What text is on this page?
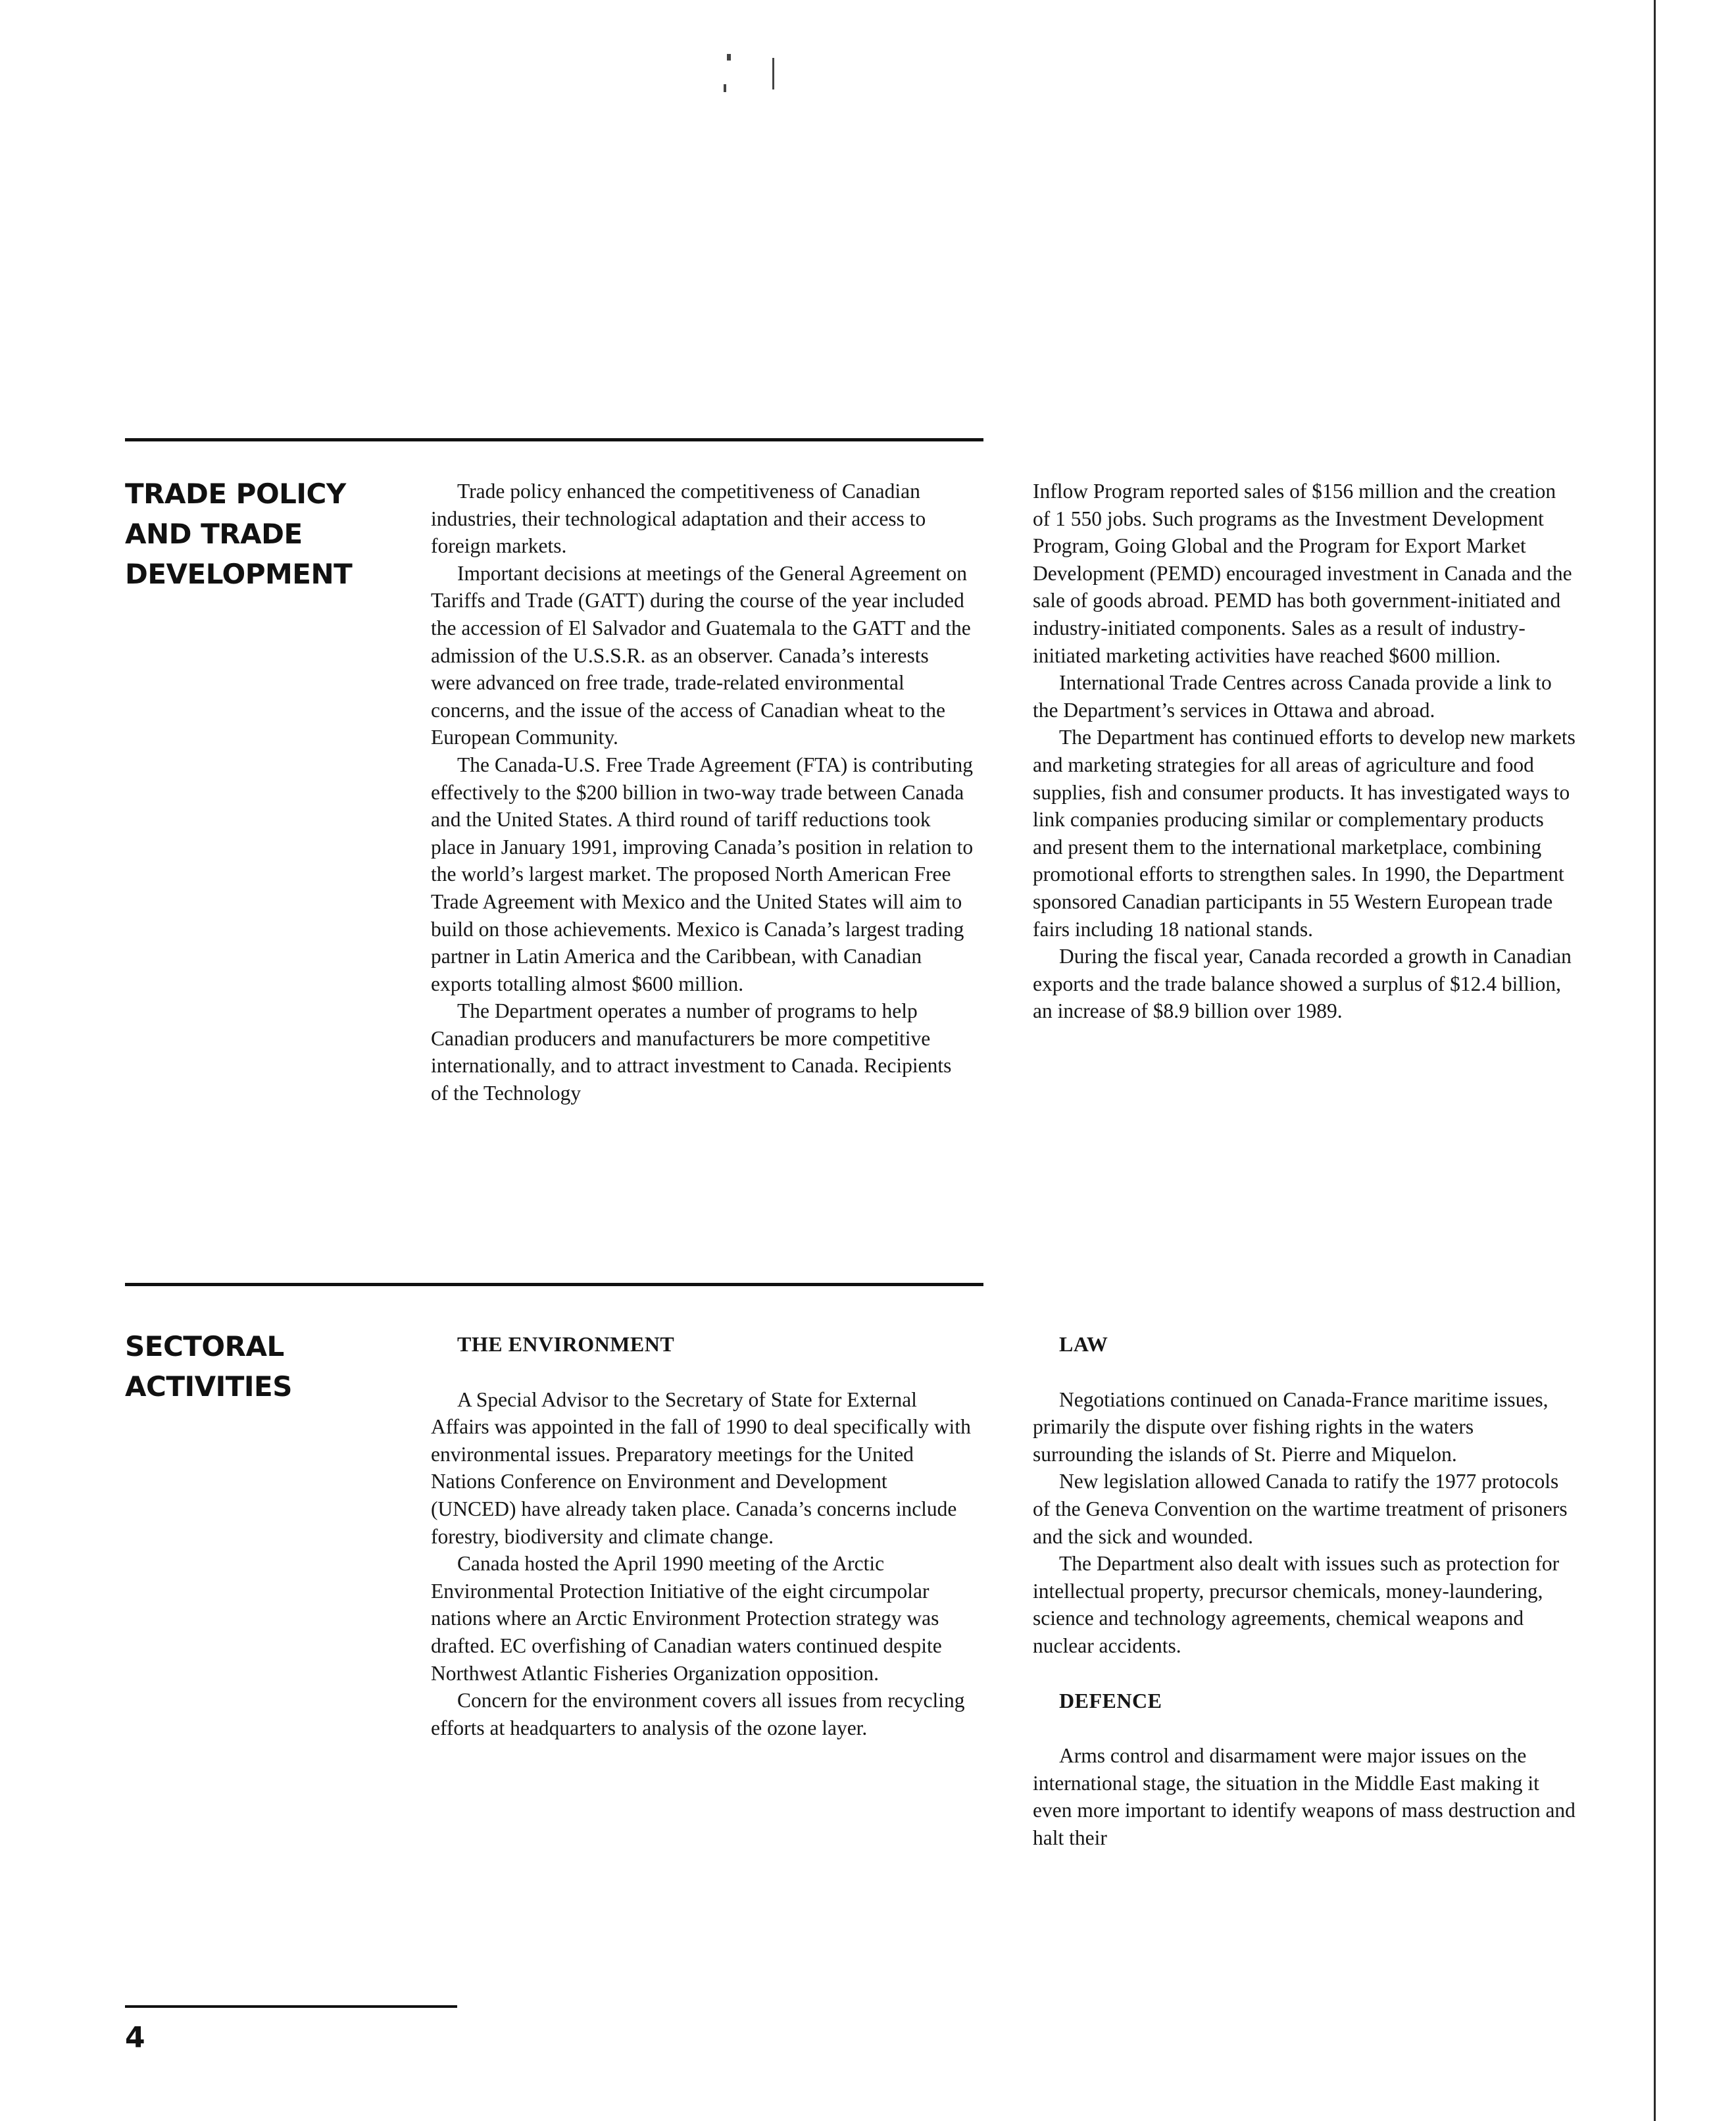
TRADE POLICY
AND TRADE
DEVELOPMENT

Trade policy enhanced the competitiveness of Canadian industries, their technological adaptation and their access to foreign markets.

Important decisions at meetings of the General Agreement on Tariffs and Trade (GATT) during the course of the year included the accession of El Salvador and Guatemala to the GATT and the admission of the U.S.S.R. as an observer. Canada’s interests were advanced on free trade, trade-related environmental concerns, and the issue of the access of Canadian wheat to the European Community.

The Canada-U.S. Free Trade Agreement (FTA) is contributing effectively to the $200 billion in two-way trade between Canada and the United States. A third round of tariff reductions took place in January 1991, improving Canada’s position in relation to the world’s largest market. The proposed North American Free Trade Agreement with Mexico and the United States will aim to build on those achievements. Mexico is Canada’s largest trading partner in Latin America and the Caribbean, with Canadian exports totalling almost $600 million.

The Department operates a number of programs to help Canadian producers and manufacturers be more competitive internationally, and to attract investment to Canada. Recipients of the Technology

Inflow Program reported sales of $156 million and the creation of 1 550 jobs. Such programs as the Investment Development Program, Going Global and the Program for Export Market Development (PEMD) encouraged investment in Canada and the sale of goods abroad. PEMD has both government-initiated and industry-initiated components. Sales as a result of industry-initiated marketing activities have reached $600 million.

International Trade Centres across Canada provide a link to the Department’s services in Ottawa and abroad.

The Department has continued efforts to develop new markets and marketing strategies for all areas of agriculture and food supplies, fish and consumer products. It has investigated ways to link companies producing similar or complementary products and present them to the international marketplace, combining promotional efforts to strengthen sales. In 1990, the Department sponsored Canadian participants in 55 Western European trade fairs including 18 national stands.

During the fiscal year, Canada recorded a growth in Canadian exports and the trade balance showed a surplus of $12.4 billion, an increase of $8.9 billion over 1989.

SECTORAL
ACTIVITIES

THE ENVIRONMENT

A Special Advisor to the Secretary of State for External Affairs was appointed in the fall of 1990 to deal specifically with environmental issues. Preparatory meetings for the United Nations Conference on Environment and Development (UNCED) have already taken place. Canada’s concerns include forestry, biodiversity and climate change.

Canada hosted the April 1990 meeting of the Arctic Environmental Protection Initiative of the eight circumpolar nations where an Arctic Environment Protection strategy was drafted. EC overfishing of Canadian waters continued despite Northwest Atlantic Fisheries Organization opposition.

Concern for the environment covers all issues from recycling efforts at headquarters to analysis of the ozone layer.

LAW

Negotiations continued on Canada-France maritime issues, primarily the dispute over fishing rights in the waters surrounding the islands of St. Pierre and Miquelon.

New legislation allowed Canada to ratify the 1977 protocols of the Geneva Convention on the wartime treatment of prisoners and the sick and wounded.

The Department also dealt with issues such as protection for intellectual property, precursor chemicals, money-laundering, science and technology agreements, chemical weapons and nuclear accidents.

DEFENCE

Arms control and disarmament were major issues on the international stage, the situation in the Middle East making it even more important to identify weapons of mass destruction and halt their

4
